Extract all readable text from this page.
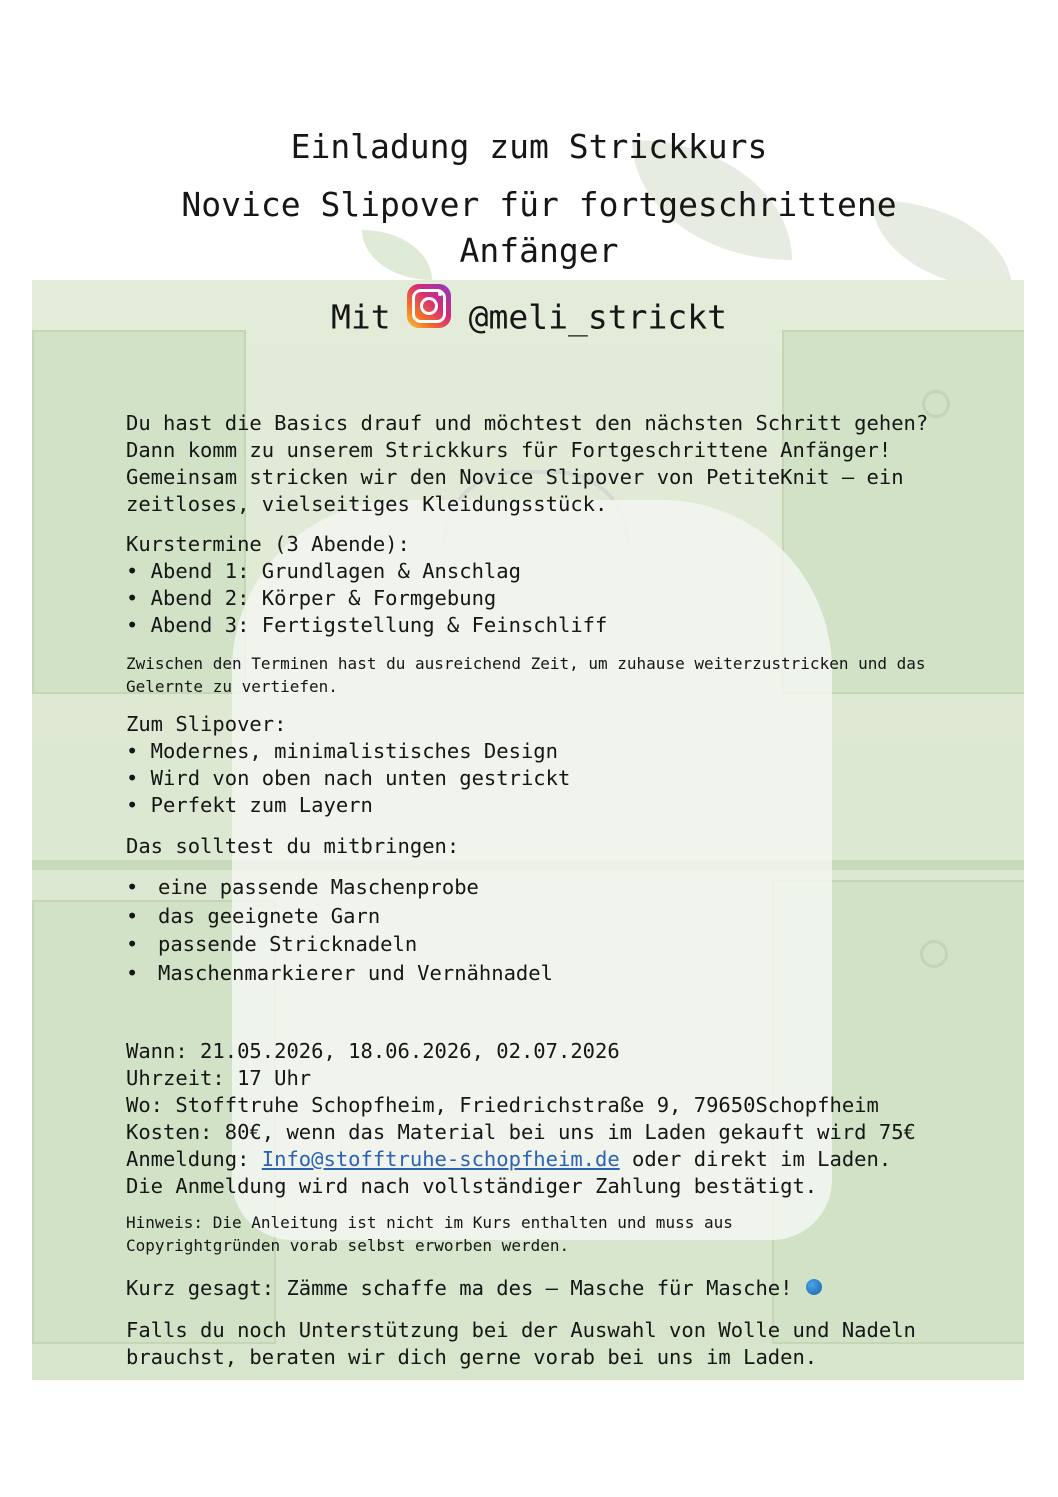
Einladung zum Strickkurs
Novice Slipover für fortgeschrittene Anfänger
Mit @meli_strickt

Du hast die Basics drauf und möchtest den nächsten Schritt gehen? Dann komm zu unserem Strickkurs für Fortgeschrittene Anfänger! Gemeinsam stricken wir den Novice Slipover von PetiteKnit – ein zeitloses, vielseitiges Kleidungsstück.

Kurstermine (3 Abende):

• Abend 1: Grundlagen & Anschlag

• Abend 2: Körper & Formgebung

• Abend 3: Fertigstellung & Feinschliff

Zwischen den Terminen hast du ausreichend Zeit, um zuhause weiterzustricken und das Gelernte zu vertiefen.

Zum Slipover:

• Modernes, minimalistisches Design

• Wird von oben nach unten gestrickt

• Perfekt zum Layern

Das solltest du mitbringen:

• eine passende Maschenprobe
• das geeignete Garn
• passende Stricknadeln
• Maschenmarkierer und Vernähnadel

Wann: 21.05.2026, 18.06.2026, 02.07.2026

Uhrzeit: 17 Uhr

Wo: Stofftruhe Schopfheim, Friedrichstraße 9, 79650Schopfheim

Kosten: 80€, wenn das Material bei uns im Laden gekauft wird 75€

Anmeldung: Info@stofftruhe-schopfheim.de oder direkt im Laden.

Die Anmeldung wird nach vollständiger Zahlung bestätigt.

Hinweis: Die Anleitung ist nicht im Kurs enthalten und muss aus Copyrightgründen vorab selbst erworben werden.

Kurz gesagt: Zämme schaffe ma des – Masche für Masche!

Falls du noch Unterstützung bei der Auswahl von Wolle und Nadeln brauchst, beraten wir dich gerne vorab bei uns im Laden.
